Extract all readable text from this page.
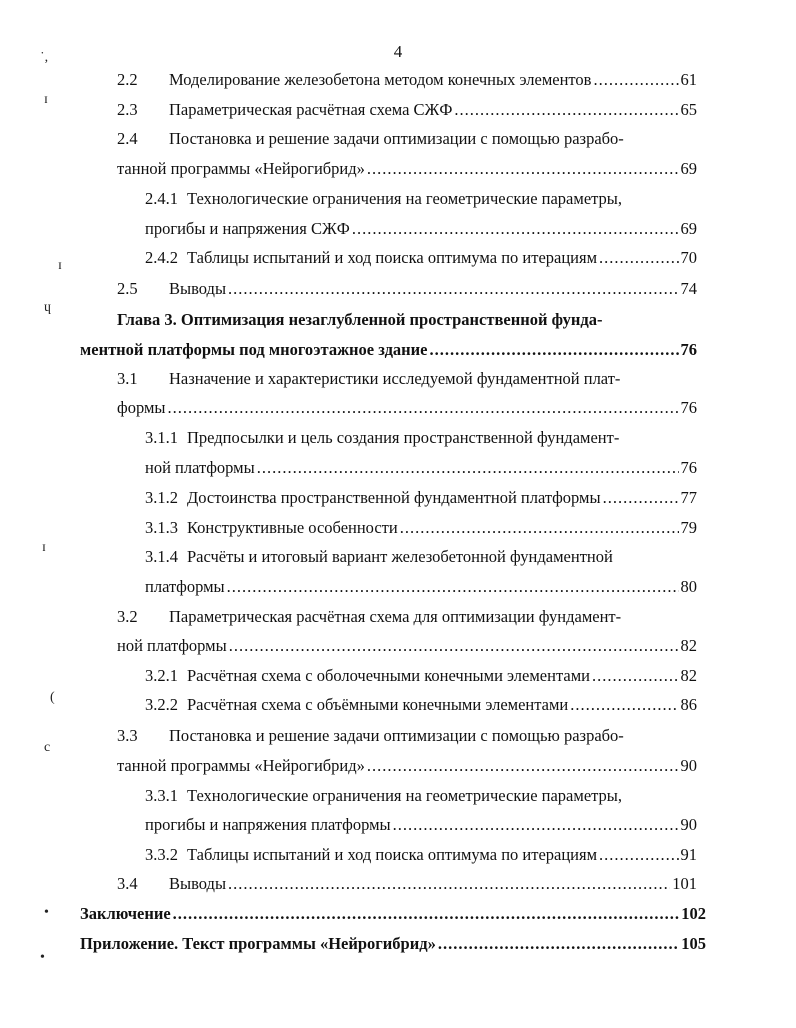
4
˙,
ɪ
ɪ
ɥ
ɪ
(
c
•
•
2.2	Моделирование железобетона методом конечных элементов .....	61
2.3	Параметрическая расчётная схема СЖФ .....	65
2.4 Постановка и решение задачи оптимизации с помощью разрабо-
танной программы «Нейрогибрид» .....	69
2.4.1 Технологические ограничения на геометрические параметры,
прогибы и напряжения СЖФ .....	69
2.4.2 Таблицы испытаний и ход поиска оптимума по итерациям .....	70
2.5	Выводы .....	74
Глава 3. Оптимизация незаглубленной пространственной фунда-
ментной платформы под многоэтажное здание .....	76
3.1 Назначение и характеристики исследуемой фундаментной плат-
формы .....	76
3.1.1 Предпосылки и цель создания пространственной фундамент-
ной платформы .....	76
3.1.2 Достоинства пространственной фундаментной платформы .....	77
3.1.3 Конструктивные особенности .....	79
3.1.4 Расчёты и итоговый вариант железобетонной фундаментной
платформы .....	80
3.2 Параметрическая расчётная схема для оптимизации фундамент-
ной платформы .....	82
3.2.1 Расчётная схема с оболочечными конечными элементами .....	82
3.2.2 Расчётная схема с объёмными конечными элементами .....	86
3.3 Постановка и решение задачи оптимизации с помощью разрабо-
танной программы «Нейрогибрид» .....	90
3.3.1 Технологические ограничения на геометрические параметры,
прогибы и напряжения платформы .....	90
3.3.2 Таблицы испытаний и ход поиска оптимума по итерациям .....	91
3.4	Выводы .....	101
Заключение .....	102
Приложение. Текст программы «Нейрогибрид» .....	105
